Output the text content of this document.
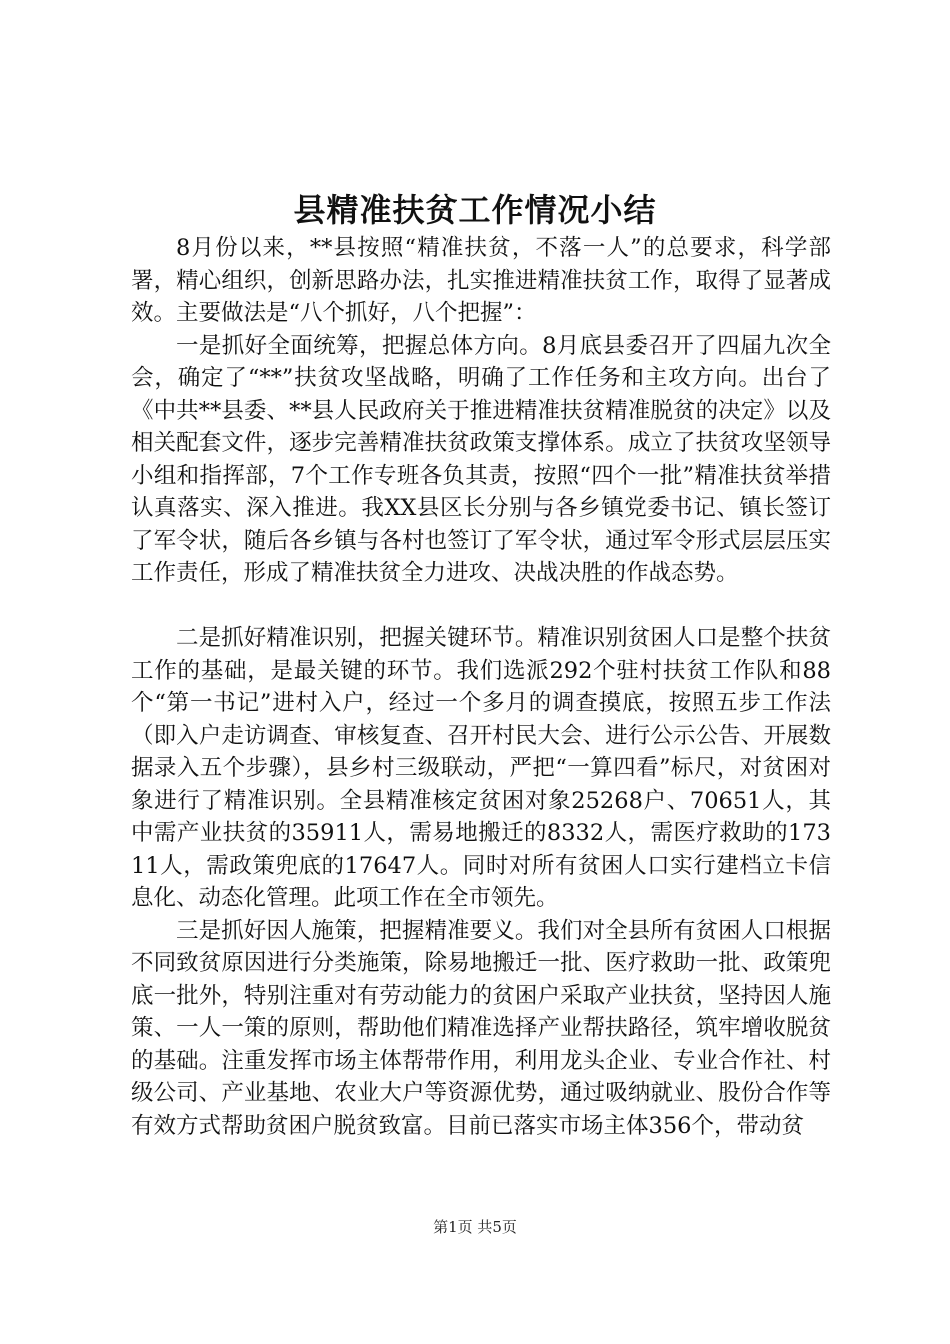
县精准扶贫工作情况小结

8月份以来，**县按照“精准扶贫，不落一人”的总要求，科学部署，精心组织，创新思路办法，扎实推进精准扶贫工作，取得了显著成效。主要做法是“八个抓好，八个把握”：

一是抓好全面统筹，把握总体方向。8月底县委召开了四届九次全会，确定了“**”扶贫攻坚战略，明确了工作任务和主攻方向。出台了《中共**县委、**县人民政府关于推进精准扶贫精准脱贫的决定》以及相关配套文件，逐步完善精准扶贫政策支撑体系。成立了扶贫攻坚领导小组和指挥部，7个工作专班各负其责，按照“四个一批”精准扶贫举措认真落实、深入推进。我XX县区长分别与各乡镇党委书记、镇长签订了军令状，随后各乡镇与各村也签订了军令状，通过军令形式层层压实工作责任，形成了精准扶贫全力进攻、决战决胜的作战态势。

二是抓好精准识别，把握关键环节。精准识别贫困人口是整个扶贫工作的基础，是最关键的环节。我们选派292个驻村扶贫工作队和88个“第一书记”进村入户，经过一个多月的调查摸底，按照五步工作法（即入户走访调查、审核复查、召开村民大会、进行公示公告、开展数据录入五个步骤），县乡村三级联动，严把“一算四看”标尺，对贫困对象进行了精准识别。全县精准核定贫困对象25268户、70651人，其中需产业扶贫的35911人，需易地搬迁的8332人，需医疗救助的17311人，需政策兜底的17647人。同时对所有贫困人口实行建档立卡信息化、动态化管理。此项工作在全市领先。

三是抓好因人施策，把握精准要义。我们对全县所有贫困人口根据不同致贫原因进行分类施策，除易地搬迁一批、医疗救助一批、政策兜底一批外，特别注重对有劳动能力的贫困户采取产业扶贫，坚持因人施策、一人一策的原则，帮助他们精准选择产业帮扶路径，筑牢增收脱贫的基础。注重发挥市场主体帮带作用，利用龙头企业、专业合作社、村级公司、产业基地、农业大户等资源优势，通过吸纳就业、股份合作等有效方式帮助贫困户脱贫致富。目前已落实市场主体356个，带动贫

第1页 共5页
